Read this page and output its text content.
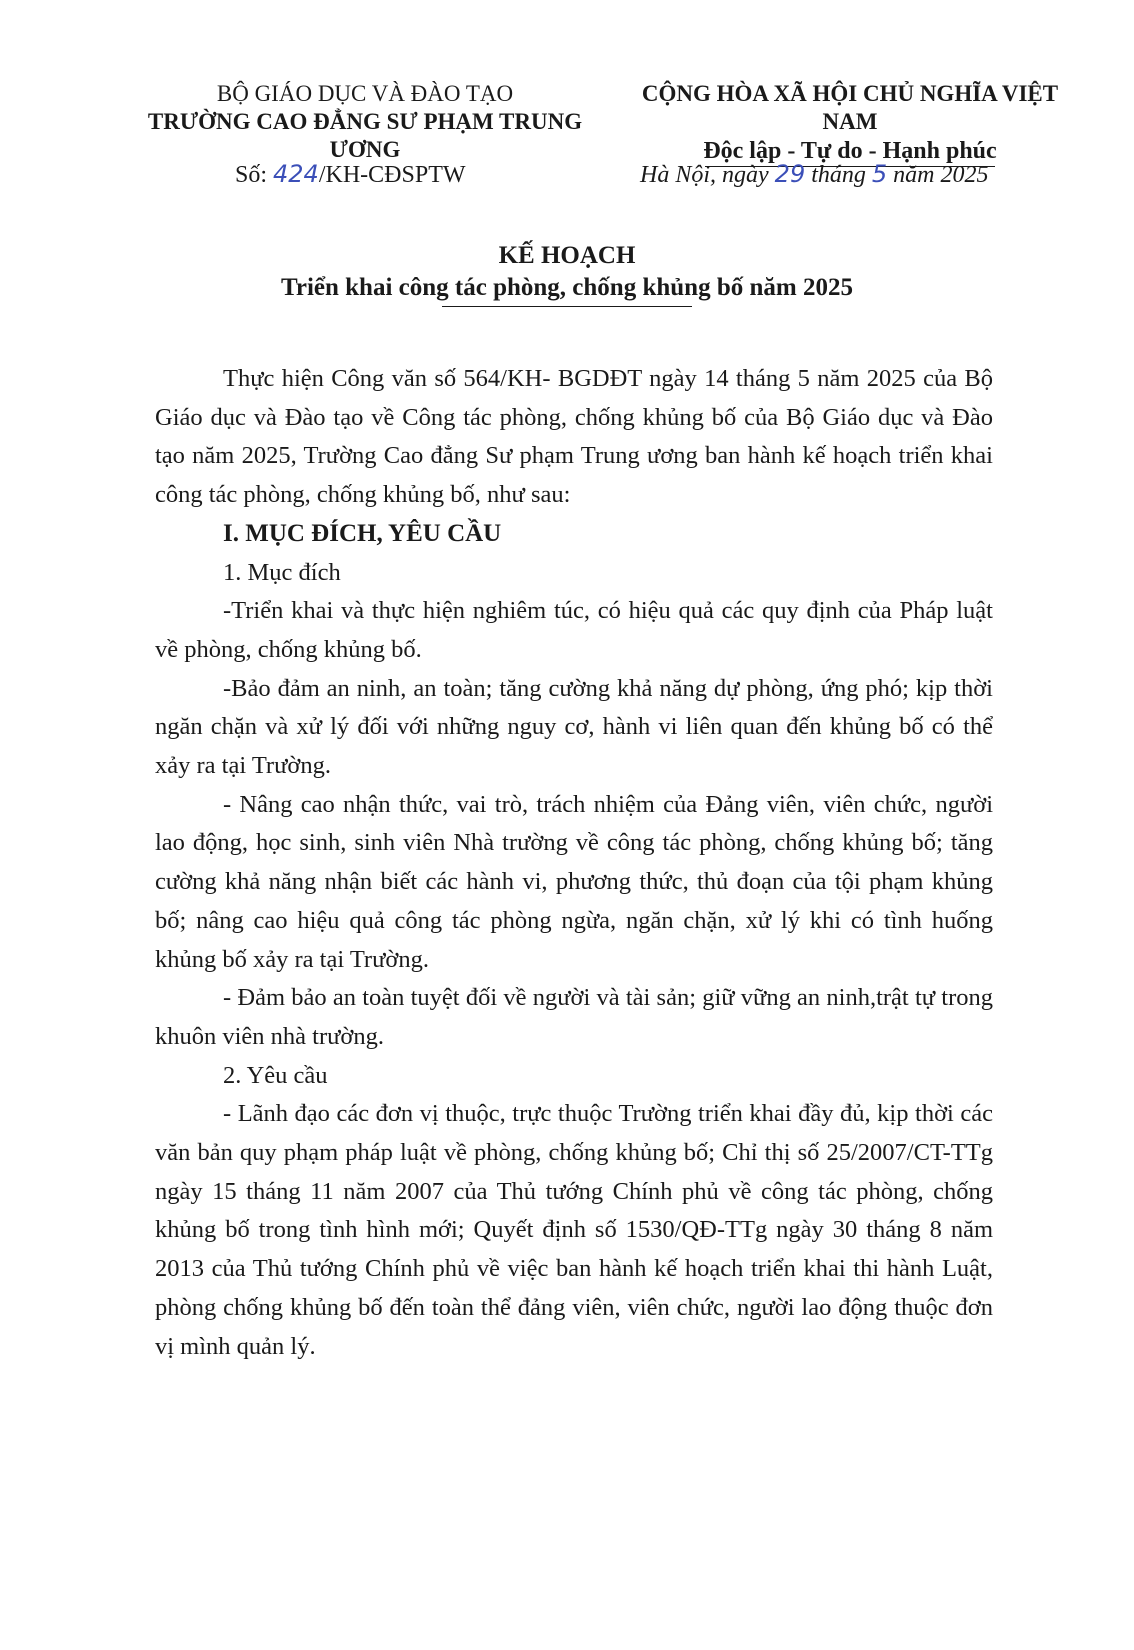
BỘ GIÁO DỤC VÀ ĐÀO TẠO
TRƯỜNG CAO ĐẲNG SƯ PHẠM TRUNG ƯƠNG
CỘNG HÒA XÃ HỘI CHỦ NGHĨA VIỆT NAM
Độc lập - Tự do - Hạnh phúc
Số: 424/KH-CĐSPTW	Hà Nội, ngày 29 tháng 5 năm 2025
KẾ HOẠCH
Triển khai công tác phòng, chống khủng bố năm 2025

Thực hiện Công văn số 564/KH- BGDĐT ngày 14 tháng 5 năm 2025 của Bộ Giáo dục và Đào tạo về Công tác phòng, chống khủng bố của Bộ Giáo dục và Đào tạo năm 2025, Trường Cao đẳng Sư phạm Trung ương ban hành kế hoạch triển khai công tác phòng, chống khủng bố, như sau:

I. MỤC ĐÍCH, YÊU CẦU

1. Mục đích

-Triển khai và thực hiện nghiêm túc, có hiệu quả các quy định của Pháp luật về phòng, chống khủng bố.

-Bảo đảm an ninh, an toàn; tăng cường khả năng dự phòng, ứng phó; kịp thời ngăn chặn và xử lý đối với những nguy cơ, hành vi liên quan đến khủng bố có thể xảy ra tại Trường.

- Nâng cao nhận thức, vai trò, trách nhiệm của Đảng viên, viên chức, người lao động, học sinh, sinh viên Nhà trường về công tác phòng, chống khủng bố; tăng cường khả năng nhận biết các hành vi, phương thức, thủ đoạn của tội phạm khủng bố; nâng cao hiệu quả công tác phòng ngừa, ngăn chặn, xử lý khi có tình huống khủng bố xảy ra tại Trường.

- Đảm bảo an toàn tuyệt đối về người và tài sản; giữ vững an ninh,trật tự trong khuôn viên nhà trường.

2. Yêu cầu

- Lãnh đạo các đơn vị thuộc, trực thuộc Trường triển khai đầy đủ, kịp thời các văn bản quy phạm pháp luật về phòng, chống khủng bố; Chỉ thị số 25/2007/CT-TTg ngày 15 tháng 11 năm 2007 của Thủ tướng Chính phủ về công tác phòng, chống khủng bố trong tình hình mới; Quyết định số 1530/QĐ-TTg ngày 30 tháng 8 năm 2013 của Thủ tướng Chính phủ về việc ban hành kế hoạch triển khai thi hành Luật, phòng chống khủng bố đến toàn thể đảng viên, viên chức, người lao động thuộc đơn vị mình quản lý.
